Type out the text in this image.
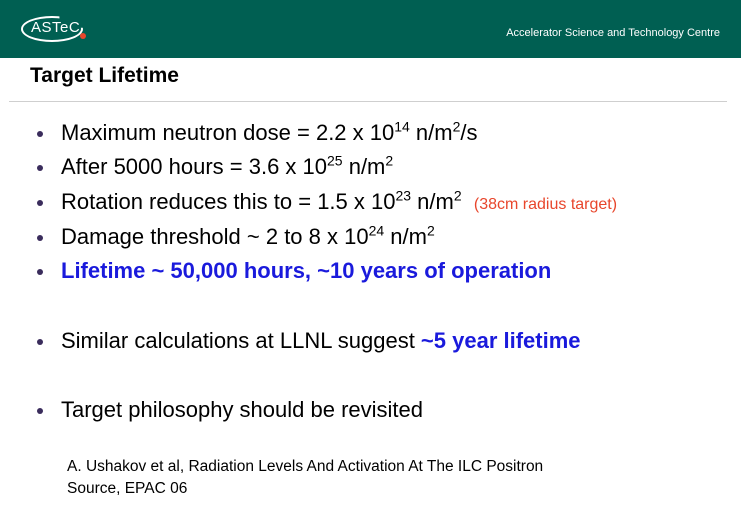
ASTeC	Accelerator Science and Technology Centre
Target Lifetime
Maximum neutron dose = 2.2 x $10^{14}$ $n/m^2/s$
After 5000 hours = 3.6 x $10^{25}$ $n/m^2$
Rotation reduces this to = 1.5 x $10^{23}$ $n/m^2$  (38cm radius target)
Damage threshold ~ 2 to 8 x $10^{24}$ $n/m^2$
Lifetime ~ 50,000 hours, ~10 years of operation
Similar calculations at LLNL suggest ~5 year lifetime
Target philosophy should be revisited
A. Ushakov et al, Radiation Levels And Activation At The ILC Positron
Source, EPAC 06
